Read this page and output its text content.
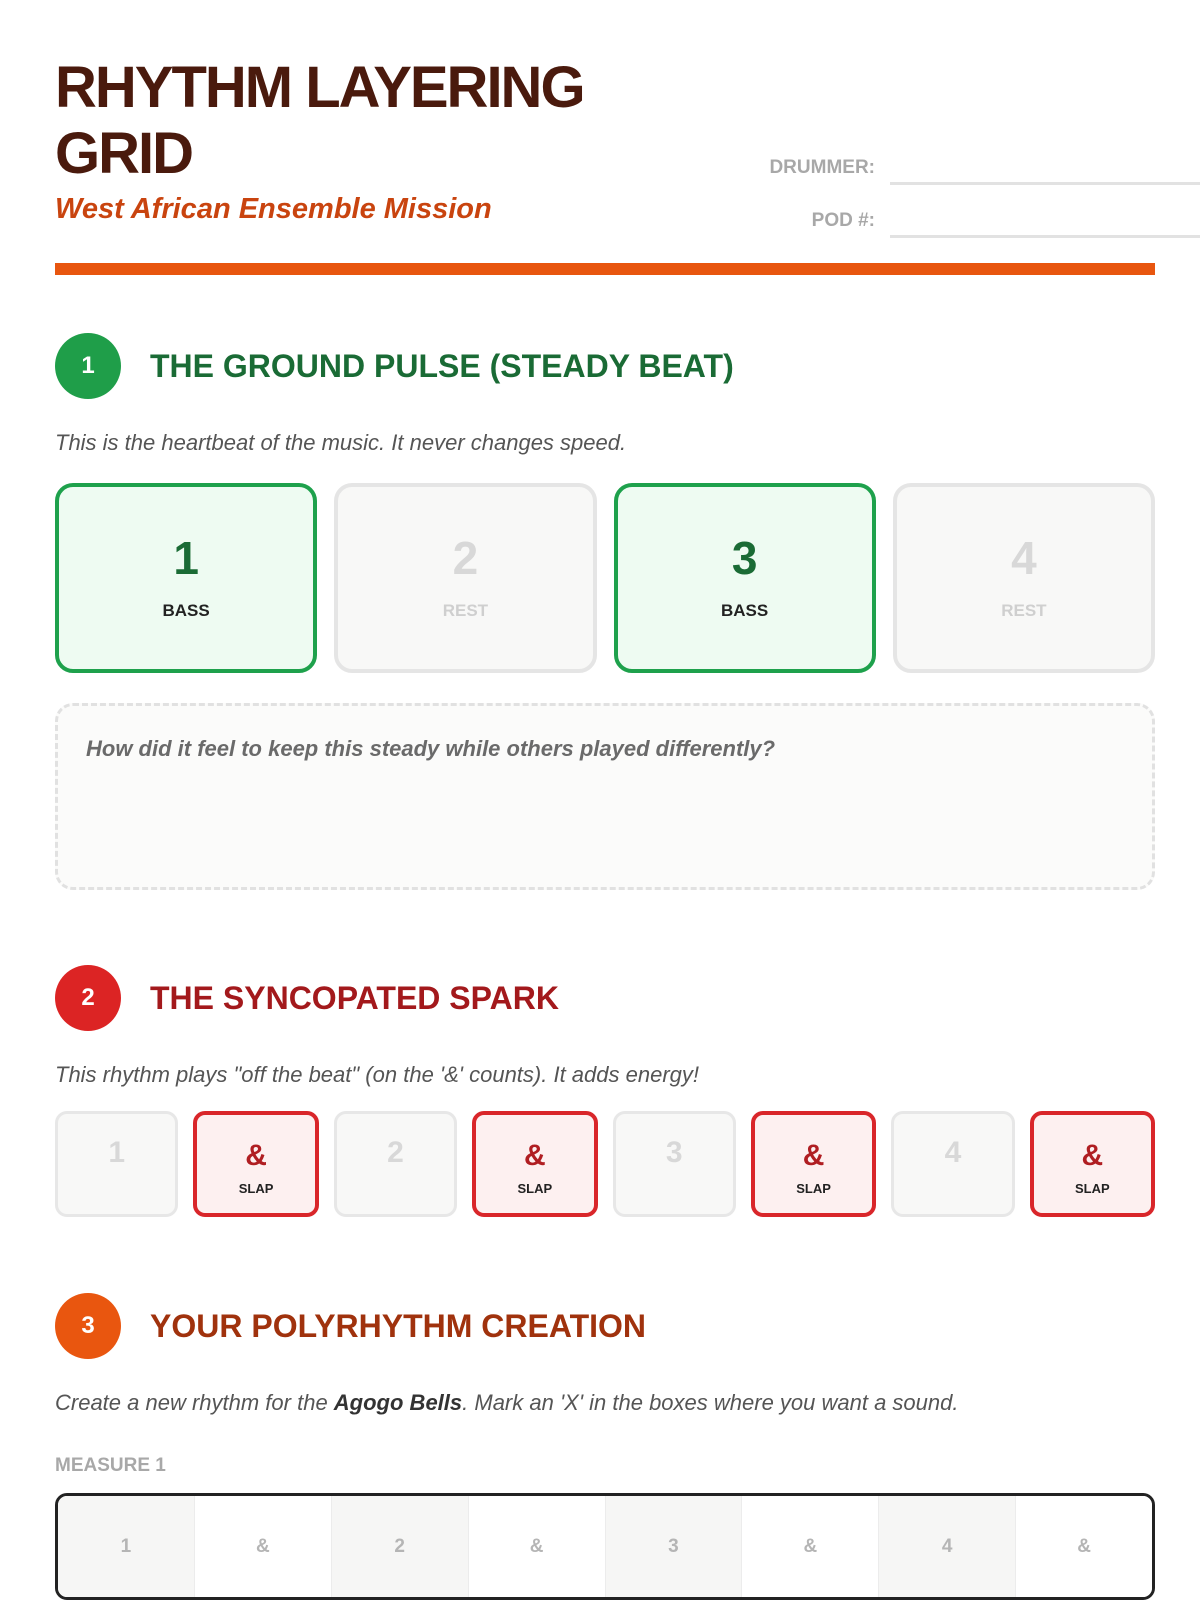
RHYTHM LAYERING
GRID
West African Ensemble Mission
DRUMMER:
POD #:
1	THE GROUND PULSE (STEADY BEAT)
This is the heartbeat of the music. It never changes speed.
1
BASS
2
REST
3
BASS
4
REST
How did it feel to keep this steady while others played differently?
2	THE SYNCOPATED SPARK
This rhythm plays "off the beat" (on the '&' counts). It adds energy!
1	&
SLAP
2	&
SLAP
3	&
SLAP
4	&
SLAP
3	YOUR POLYRHYTHM CREATION
Create a new rhythm for the Agogo Bells. Mark an 'X' in the boxes where you want a sound.
MEASURE 1
1	&	2	&	3	&	4	&
